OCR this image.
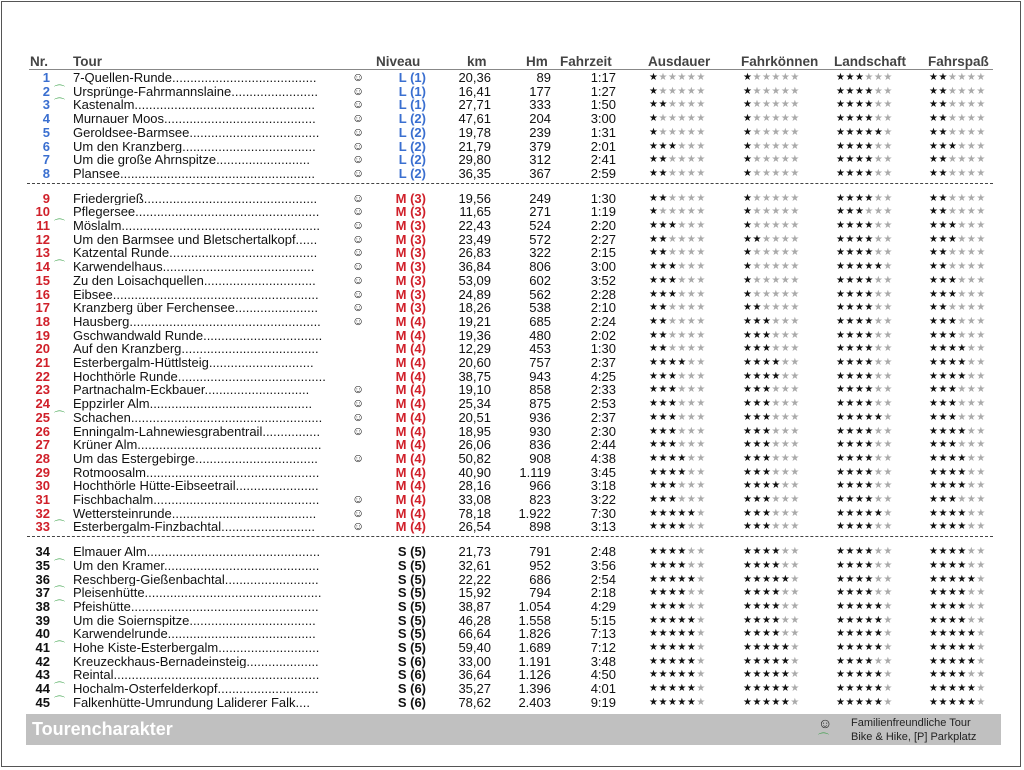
Nr. Tour	Niveau	km	Hm Fahrzeit	Ausdauer Fahrkönnen Landschaft Fahrspaß
1 7-Quellen-Runde........................................	☺	L (1)	20,36	89	1:17	★★★★★★	★★★★★★	★★★★★★	★★★★★★
2 ⌒ Ursprünge-Fahrmannslaine........................	☺	L (1)	16,41	177	1:27	★★★★★★	★★★★★★	★★★★★★	★★★★★★
3 ⌒ Kastenalm..................................................	☺	L (1)	27,71	333	1:50	★★★★★★	★★★★★★	★★★★★★	★★★★★★
4 Murnauer Moos..........................................	☺	L (2)	47,61	204	3:00	★★★★★★	★★★★★★	★★★★★★	★★★★★★
5 Geroldsee-Barmsee....................................	☺	L (2)	19,78	239	1:31	★★★★★★	★★★★★★	★★★★★★	★★★★★★
6 Um den Kranzberg.....................................	☺	L (2)	21,79	379	2:01	★★★★★★	★★★★★★	★★★★★★	★★★★★★
7 Um die große Ahrnspitze..........................	☺	L (2)	29,80	312	2:41	★★★★★★	★★★★★★	★★★★★★	★★★★★★
8 Plansee......................................................	☺	L (2)	36,35	367	2:59	★★★★★★	★★★★★★	★★★★★★	★★★★★★
9 Friedergrieß................................................	☺	M (3)	19,56	249	1:30	★★★★★★	★★★★★★	★★★★★★	★★★★★★
10 Pflegersee...................................................	☺	M (3)	11,65	271	1:19	★★★★★★	★★★★★★	★★★★★★	★★★★★★
11 ⌒ Möslalm.......................................................	☺	M (3)	22,43	524	2:20	★★★★★★	★★★★★★	★★★★★★	★★★★★★
12 Um den Barmsee und Bletschertalkopf......	☺	M (3)	23,49	572	2:27	★★★★★★	★★★★★★	★★★★★★	★★★★★★
13 Katzental Runde.........................................	☺	M (3)	26,83	322	2:15	★★★★★★	★★★★★★	★★★★★★	★★★★★★
14 ⌒ Karwendelhaus..........................................	☺	M (3)	36,84	806	3:00	★★★★★★	★★★★★★	★★★★★★	★★★★★★
15 Zu den Loisachquellen...............................	☺	M (3)	53,09	602	3:52	★★★★★★	★★★★★★	★★★★★★	★★★★★★
16 Eibsee.........................................................	☺	M (3)	24,89	562	2:28	★★★★★★	★★★★★★	★★★★★★	★★★★★★
17 Kranzberg über Ferchensee.......................	☺	M (3)	18,26	538	2:10	★★★★★★	★★★★★★	★★★★★★	★★★★★★
18 Hausberg.....................................................	☺	M (4)	19,21	685	2:24	★★★★★★	★★★★★★	★★★★★★	★★★★★★
19 Gschwandwald Runde.................................	M (4)	19,36	480	2:02	★★★★★★	★★★★★★	★★★★★★	★★★★★★
20 Auf den Kranzberg......................................	M (4)	12,29	453	1:30	★★★★★★	★★★★★★	★★★★★★	★★★★★★
21 Esterbergalm-Hüttlsteig.............................	M (4)	20,60	757	2:37	★★★★★★	★★★★★★	★★★★★★	★★★★★★
22 Hochthörle Runde.........................................	M (4)	38,75	943	4:25	★★★★★★	★★★★★★	★★★★★★	★★★★★★
23 Partnachalm-Eckbauer.............................	☺	M (4)	19,10	858	2:33	★★★★★★	★★★★★★	★★★★★★	★★★★★★
24 Eppzirler Alm.............................................	☺	M (4)	25,34	875	2:53	★★★★★★	★★★★★★	★★★★★★	★★★★★★
25 ⌒ Schachen.....................................................	☺	M (4)	20,51	936	2:37	★★★★★★	★★★★★★	★★★★★★	★★★★★★
26 Enningalm-Lahnewiesgrabentrail................	☺	M (4)	18,95	930	2:30	★★★★★★	★★★★★★	★★★★★★	★★★★★★
27 Krüner Alm...................................................	M (4)	26,06	836	2:44	★★★★★★	★★★★★★	★★★★★★	★★★★★★
28 Um das Estergebirge..................................	☺	M (4)	50,82	908	4:38	★★★★★★	★★★★★★	★★★★★★	★★★★★★
29 Rotmoosalm................................................	M (4)	40,90	1.119	3:45	★★★★★★	★★★★★★	★★★★★★	★★★★★★
30 Hochthörle Hütte-Eibseetrail.......................	M (4)	28,16	966	3:18	★★★★★★	★★★★★★	★★★★★★	★★★★★★
31 Fischbachalm..............................................	☺	M (4)	33,08	823	3:22	★★★★★★	★★★★★★	★★★★★★	★★★★★★
32 Wettersteinrunde........................................	☺	M (4)	78,18	1.922	7:30	★★★★★★	★★★★★★	★★★★★★	★★★★★★
33 ⌒ Esterbergalm-Finzbachtal..........................	☺	M (4)	26,54	898	3:13	★★★★★★	★★★★★★	★★★★★★	★★★★★★
34 Elmauer Alm................................................	S (5)	21,73	791	2:48	★★★★★★	★★★★★★	★★★★★★	★★★★★★
35 ⌒ Um den Kramer...........................................	S (5)	32,61	952	3:56	★★★★★★	★★★★★★	★★★★★★	★★★★★★
36 Reschberg-Gießenbachtal..........................	S (5)	22,22	686	2:54	★★★★★★	★★★★★★	★★★★★★	★★★★★★
37 ⌒ Pleisenhütte.................................................	S (5)	15,92	794	2:18	★★★★★★	★★★★★★	★★★★★★	★★★★★★
38 ⌒ Pfeishütte....................................................	S (5)	38,87	1.054	4:29	★★★★★★	★★★★★★	★★★★★★	★★★★★★
39 Um die Soiernspitze...................................	S (5)	46,28	1.558	5:15	★★★★★★	★★★★★★	★★★★★★	★★★★★★
40 Karwendelrunde.........................................	S (5)	66,64	1.826	7:13	★★★★★★	★★★★★★	★★★★★★	★★★★★★
41 ⌒ Hohe Kiste-Esterbergalm............................	S (5)	59,40	1.689	7:12	★★★★★★	★★★★★★	★★★★★★	★★★★★★
42 Kreuzeckhaus-Bernadeinsteig....................	S (6)	33,00	1.191	3:48	★★★★★★	★★★★★★	★★★★★★	★★★★★★
43 Reintal.........................................................	S (6)	36,64	1.126	4:50	★★★★★★	★★★★★★	★★★★★★	★★★★★★
44 ⌒ Hochalm-Osterfelderkopf............................	S (6)	35,27	1.396	4:01	★★★★★★	★★★★★★	★★★★★★	★★★★★★
45 ⌒ Falkenhütte-Umrundung Laliderer Falk....	S (6)	78,62	2.403	9:19	★★★★★★	★★★★★★	★★★★★★	★★★★★★
Tourencharakter	☺ Familienfreundliche Tour
⌒ Bike & Hike, [P] Parkplatz
